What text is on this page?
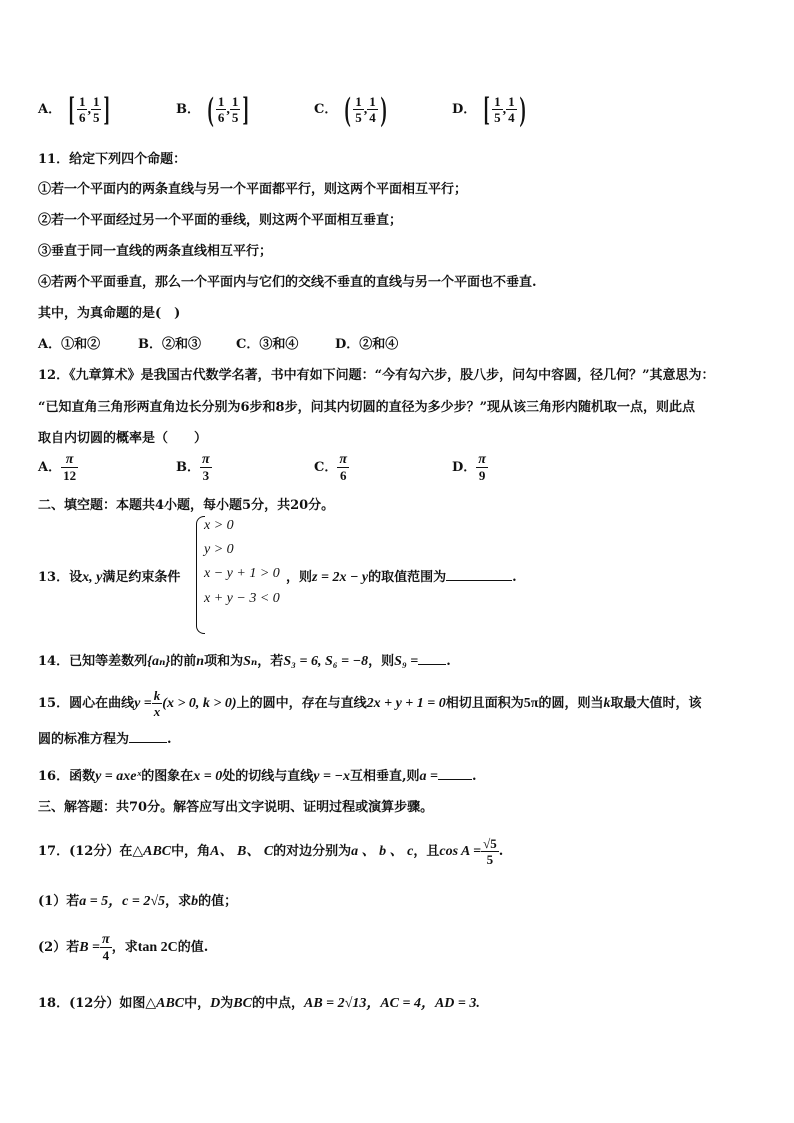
A． [ $\frac{1}{6}$ , $\frac{1}{5}$ ]	B． ( $\frac{1}{6}$ , $\frac{1}{5}$ ]	C． ( $\frac{1}{5}$ , $\frac{1}{4}$ )	D． [ $\frac{1}{5}$ , $\frac{1}{4}$ )
11．给定下列四个命题：
①若一个平面内的两条直线与另一个平面都平行，则这两个平面相互平行；
②若一个平面经过另一个平面的垂线，则这两个平面相互垂直；
③垂直于同一直线的两条直线相互平行；
④若两个平面垂直，那么一个平面内与它们的交线不垂直的直线与另一个平面也不垂直.
其中，为真命题的是(　)
A．①和②	B．②和③	C．③和④	D．②和④
12．《九章算术》是我国古代数学名著，书中有如下问题：“今有勾六步，股八步，问勾中容圆，径几何？”其意思为：
“已知直角三角形两直角边长分别为6步和8步，问其内切圆的直径为多少步？”现从该三角形内随机取一点，则此点
取自内切圆的概率是（　　）
A． $\frac{\pi}{12}$	B． $\frac{\pi}{3}$	C． $\frac{\pi}{6}$	D． $\frac{\pi}{9}$
二、填空题：本题共4小题，每小题5分，共20分。
13．设x, y满足约束条件
x > 0
y > 0
x − y + 1 > 0
x + y − 3 < 0
，则z = 2x − y的取值范围为	.
14．已知等差数列{aₙ}的前n项和为Sₙ，若S₃ = 6, S₆ = −8，则S₉ = .
15．圆心在曲线$y = \frac{k}{x} (x > 0$, k > 0)上的圆中，存在与直线2x + y + 1 = 0相切且面积为5π的圆，则当k取最大值时，该
圆的标准方程为	.
16．函数y = axeˣ的图象在x = 0处的切线与直线y = −x互相垂直,则a =	.
三、解答题：共70分。解答应写出文字说明、证明过程或演算步骤。
17．(12分）在△ABC中，角A、 B、 C的对边分别为a 、 b 、 c，且$\cos A = \frac{√5}{5}$ .
(1）若a = 5，c = 2√5，求b的值；
(2）若$B = \frac{\pi}{4}$ ，求tan 2C的值.
18．(12分）如图△ABC中，D为BC的中点，AB = 2√13，AC = 4，AD = 3.
